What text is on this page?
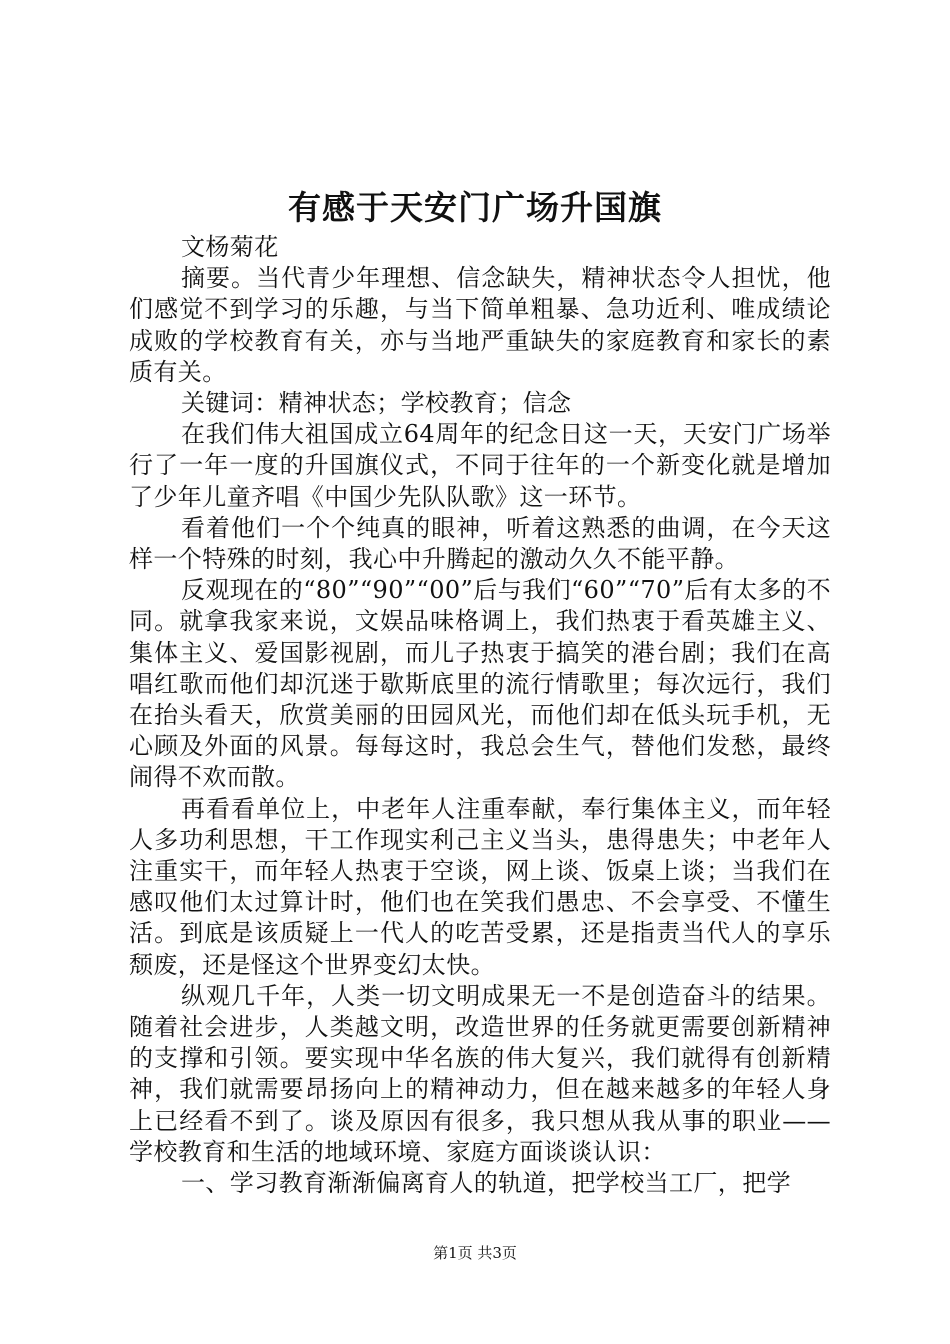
有感于天安门广场升国旗

文杨菊花

摘要。当代青少年理想、信念缺失，精神状态令人担忧，他们感觉不到学习的乐趣，与当下简单粗暴、急功近利、唯成绩论成败的学校教育有关，亦与当地严重缺失的家庭教育和家长的素质有关。

关键词：精神状态；学校教育；信念

在我们伟大祖国成立64周年的纪念日这一天，天安门广场举行了一年一度的升国旗仪式，不同于往年的一个新变化就是增加了少年儿童齐唱《中国少先队队歌》这一环节。

看着他们一个个纯真的眼神，听着这熟悉的曲调，在今天这样一个特殊的时刻，我心中升腾起的激动久久不能平静。

反观现在的“80”“90”“00”后与我们“60”“70”后有太多的不同。就拿我家来说，文娱品味格调上，我们热衷于看英雄主义、集体主义、爱国影视剧，而儿子热衷于搞笑的港台剧；我们在高唱红歌而他们却沉迷于歇斯底里的流行情歌里；每次远行，我们在抬头看天，欣赏美丽的田园风光，而他们却在低头玩手机，无心顾及外面的风景。每每这时，我总会生气，替他们发愁，最终闹得不欢而散。

再看看单位上，中老年人注重奉献，奉行集体主义，而年轻人多功利思想，干工作现实利己主义当头，患得患失；中老年人注重实干，而年轻人热衷于空谈，网上谈、饭桌上谈；当我们在感叹他们太过算计时，他们也在笑我们愚忠、不会享受、不懂生活。到底是该质疑上一代人的吃苦受累，还是指责当代人的享乐颓废，还是怪这个世界变幻太快。

纵观几千年，人类一切文明成果无一不是创造奋斗的结果。随着社会进步，人类越文明，改造世界的任务就更需要创新精神的支撑和引领。要实现中华名族的伟大复兴，我们就得有创新精神，我们就需要昂扬向上的精神动力，但在越来越多的年轻人身上已经看不到了。谈及原因有很多，我只想从我从事的职业——学校教育和生活的地域环境、家庭方面谈谈认识：

一、学习教育渐渐偏离育人的轨道，把学校当工厂，把学

第1页 共3页
